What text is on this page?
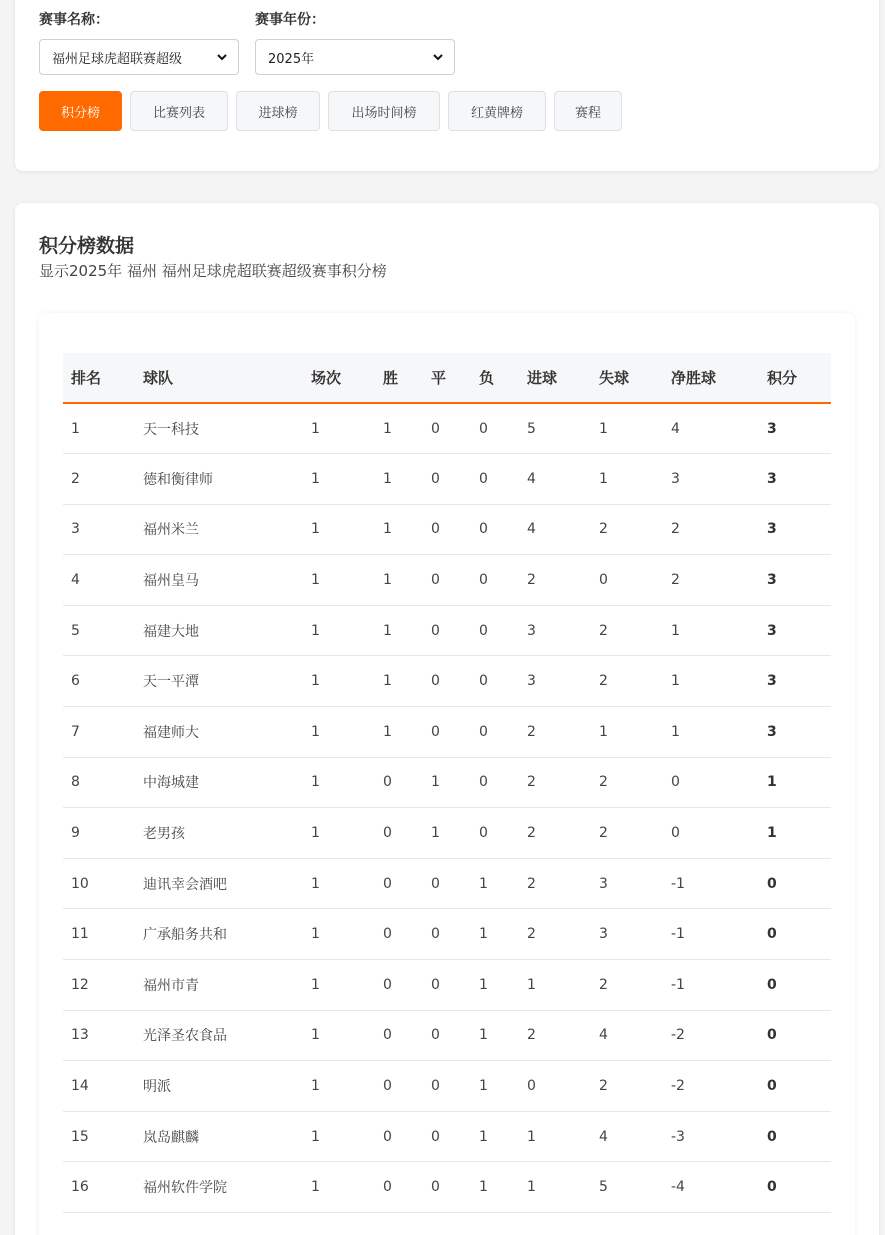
赛事名称：	赛事年份：
福州足球虎超联赛超级	2025年
积分榜	比赛列表	进球榜	出场时间榜	红黄牌榜	赛程
积分榜数据
显示2025年 福州 福州足球虎超联赛超级赛事积分榜
排名	球队	场次	胜	平	负	进球	失球	净胜球	积分
1	天一科技	1	1	0	0	5	1	4	3
2	德和衡律师	1	1	0	0	4	1	3	3
3	福州米兰	1	1	0	0	4	2	2	3
4	福州皇马	1	1	0	0	2	0	2	3
5	福建大地	1	1	0	0	3	2	1	3
6	天一平潭	1	1	0	0	3	2	1	3
7	福建师大	1	1	0	0	2	1	1	3
8	中海城建	1	0	1	0	2	2	0	1
9	老男孩	1	0	1	0	2	2	0	1
10	迪讯幸会酒吧	1	0	0	1	2	3	-1	0
11	广承船务共和	1	0	0	1	2	3	-1	0
12	福州市青	1	0	0	1	1	2	-1	0
13	光泽圣农食品	1	0	0	1	2	4	-2	0
14	明派	1	0	0	1	0	2	-2	0
15	岚岛麒麟	1	0	0	1	1	4	-3	0
16	福州软件学院	1	0	0	1	1	5	-4	0
